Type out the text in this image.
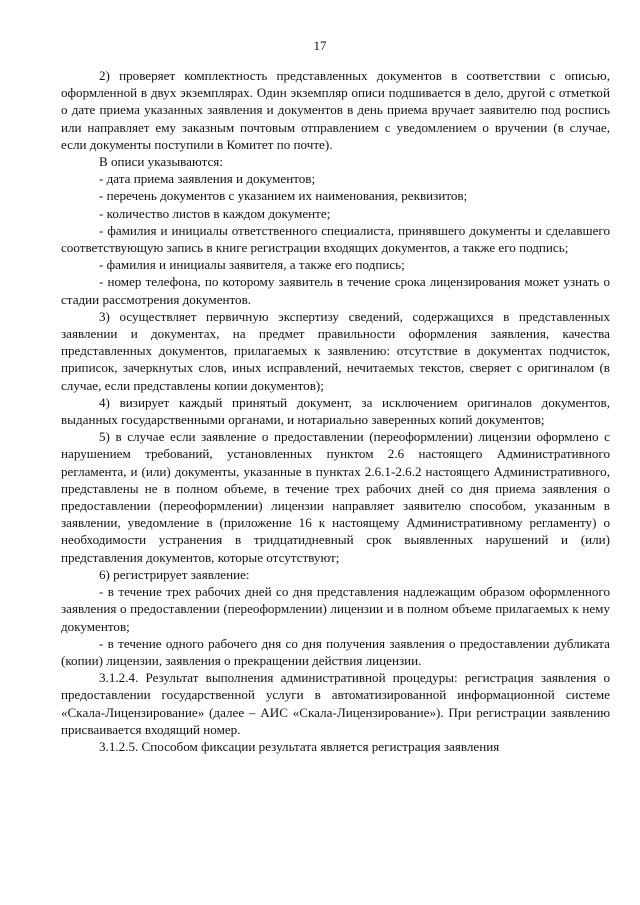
17

2) проверяет комплектность представленных документов в соответствии с описью, оформленной в двух экземплярах. Один экземпляр описи подшивается в дело, другой с отметкой о дате приема указанных заявления и документов в день приема вручает заявителю под роспись или направляет ему заказным почтовым отправлением с уведомлением о вручении (в случае, если документы поступили в Комитет по почте).

В описи указываются:

- дата приема заявления и документов;

- перечень документов с указанием их наименования, реквизитов;

- количество листов в каждом документе;

- фамилия и инициалы ответственного специалиста, принявшего документы и сделавшего соответствующую запись в книге регистрации входящих документов, а также его подпись;

- фамилия и инициалы заявителя, а также его подпись;

- номер телефона, по которому заявитель в течение срока лицензирования может узнать о стадии рассмотрения документов.

3) осуществляет первичную экспертизу сведений, содержащихся в представленных заявлении и документах, на предмет правильности оформления заявления, качества представленных документов, прилагаемых к заявлению: отсутствие в документах подчисток, приписок, зачеркнутых слов, иных исправлений, нечитаемых текстов, сверяет с оригиналом (в случае, если представлены копии документов);

4) визирует каждый принятый документ, за исключением оригиналов документов, выданных государственными органами, и нотариально заверенных копий документов;

5) в случае если заявление о предоставлении (переоформлении) лицензии оформлено с нарушением требований, установленных пунктом 2.6 настоящего Административного регламента, и (или) документы, указанные в пунктах 2.6.1-2.6.2 настоящего Административного, представлены не в полном объеме, в течение трех рабочих дней со дня приема заявления о предоставлении (переоформлении) лицензии направляет заявителю способом, указанным в заявлении, уведомление в (приложение 16 к настоящему Административному регламенту) о необходимости устранения в тридцатидневный срок выявленных нарушений и (или) представления документов, которые отсутствуют;

6) регистрирует заявление:

- в течение трех рабочих дней со дня представления надлежащим образом оформленного заявления о предоставлении (переоформлении) лицензии и в полном объеме прилагаемых к нему документов;

- в течение одного рабочего дня со дня получения заявления о предоставлении дубликата (копии) лицензии, заявления о прекращении действия лицензии.

3.1.2.4. Результат выполнения административной процедуры: регистрация заявления о предоставлении государственной услуги в автоматизированной информационной системе «Скала-Лицензирование» (далее – АИС «Скала-Лицензирование»). При регистрации заявлению присваивается входящий номер.

3.1.2.5. Способом фиксации результата является регистрация заявления
